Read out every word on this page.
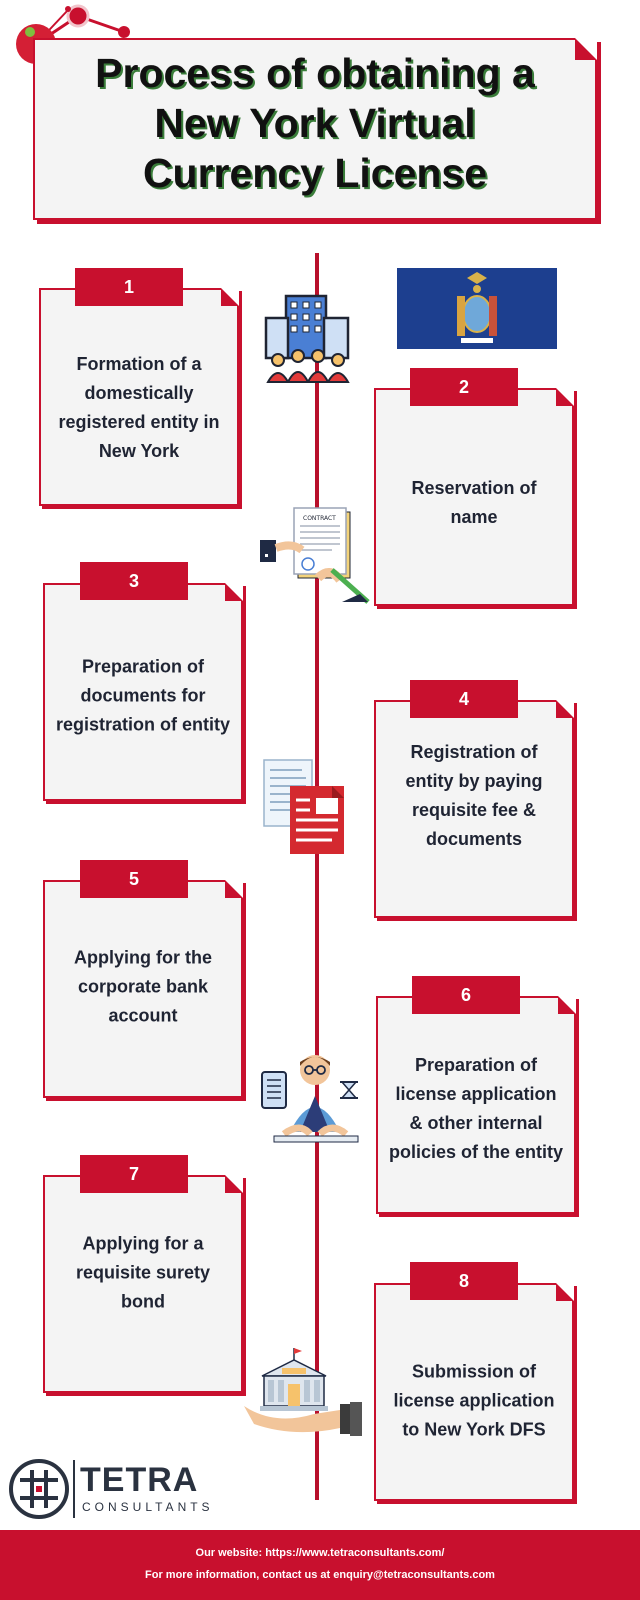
Process of obtaining a
New York Virtual
Currency License
Formation of a domestically registered entity in New York
1
Reservation of name
2
Preparation of documents for registration of entity
3
Registration of entity by paying requisite fee & documents
4
Applying for the corporate bank account
5
Preparation of license application & other internal policies of the entity
6
Applying for a requisite surety bond
7
Submission of license application to New York DFS
8
CONTRACT
TETRA
CONSULTANTS
Our website: https://www.tetraconsultants.com/
For more information, contact us at enquiry@tetraconsultants.com
